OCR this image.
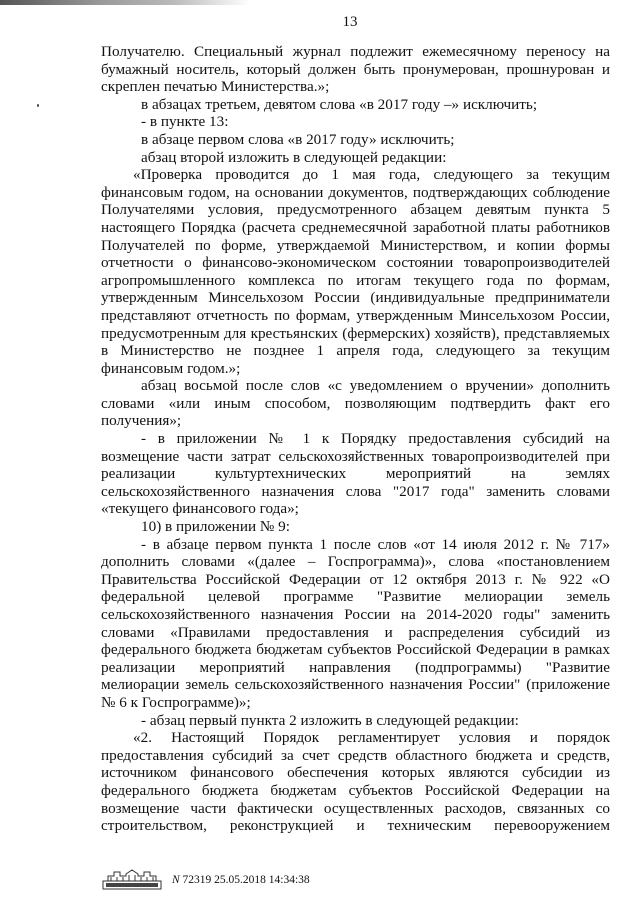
13
Получателю. Специальный журнал подлежит ежемесячному переносу на бумажный носитель, который должен быть пронумерован, прошнурован и скреплен печатью Министерства.»;
в абзацах третьем, девятом слова «в 2017 году –» исключить;
- в пункте 13:
в абзаце первом слова «в 2017 году» исключить;
абзац второй изложить в следующей редакции:
«Проверка проводится до 1 мая года, следующего за текущим финансовым годом, на основании документов, подтверждающих соблюдение Получателями условия, предусмотренного абзацем девятым пункта 5 настоящего Порядка (расчета среднемесячной заработной платы работников Получателей по форме, утверждаемой Министерством, и копии формы отчетности о финансово-экономическом состоянии товаропроизводителей агропромышленного комплекса по итогам текущего года по формам, утвержденным Минсельхозом России (индивидуальные предприниматели представляют отчетность по формам, утвержденным Минсельхозом России, предусмотренным для крестьянских (фермерских) хозяйств), представляемых в Министерство не позднее 1 апреля года, следующего за текущим финансовым годом.»;
абзац восьмой после слов «с уведомлением о вручении» дополнить словами «или иным способом, позволяющим подтвердить факт его получения»;
- в приложении № 1 к Порядку предоставления субсидий на возмещение части затрат сельскохозяйственных товаропроизводителей при реализации культуртехнических мероприятий на землях сельскохозяйственного назначения слова "2017 года" заменить словами «текущего финансового года»;
10) в приложении № 9:
- в абзаце первом пункта 1 после слов «от 14 июля 2012 г. № 717» дополнить словами «(далее – Госпрограмма)», слова «постановлением Правительства Российской Федерации от 12 октября 2013 г. № 922 «О федеральной целевой программе "Развитие мелиорации земель сельскохозяйственного назначения России на 2014-2020 годы" заменить словами «Правилами предоставления и распределения субсидий из федерального бюджета бюджетам субъектов Российской Федерации в рамках реализации мероприятий направления (подпрограммы) "Развитие мелиорации земель сельскохозяйственного назначения России" (приложение № 6 к Госпрограмме)»;
- абзац первый пункта 2 изложить в следующей редакции:
«2. Настоящий Порядок регламентирует условия и порядок предоставления субсидий за счет средств областного бюджета и средств, источником финансового обеспечения которых являются субсидии из федерального бюджета бюджетам субъектов Российской Федерации на возмещение части фактически осуществленных расходов, связанных со строительством, реконструкцией и техническим перевооружением
N 72319 25.05.2018 14:34:38
